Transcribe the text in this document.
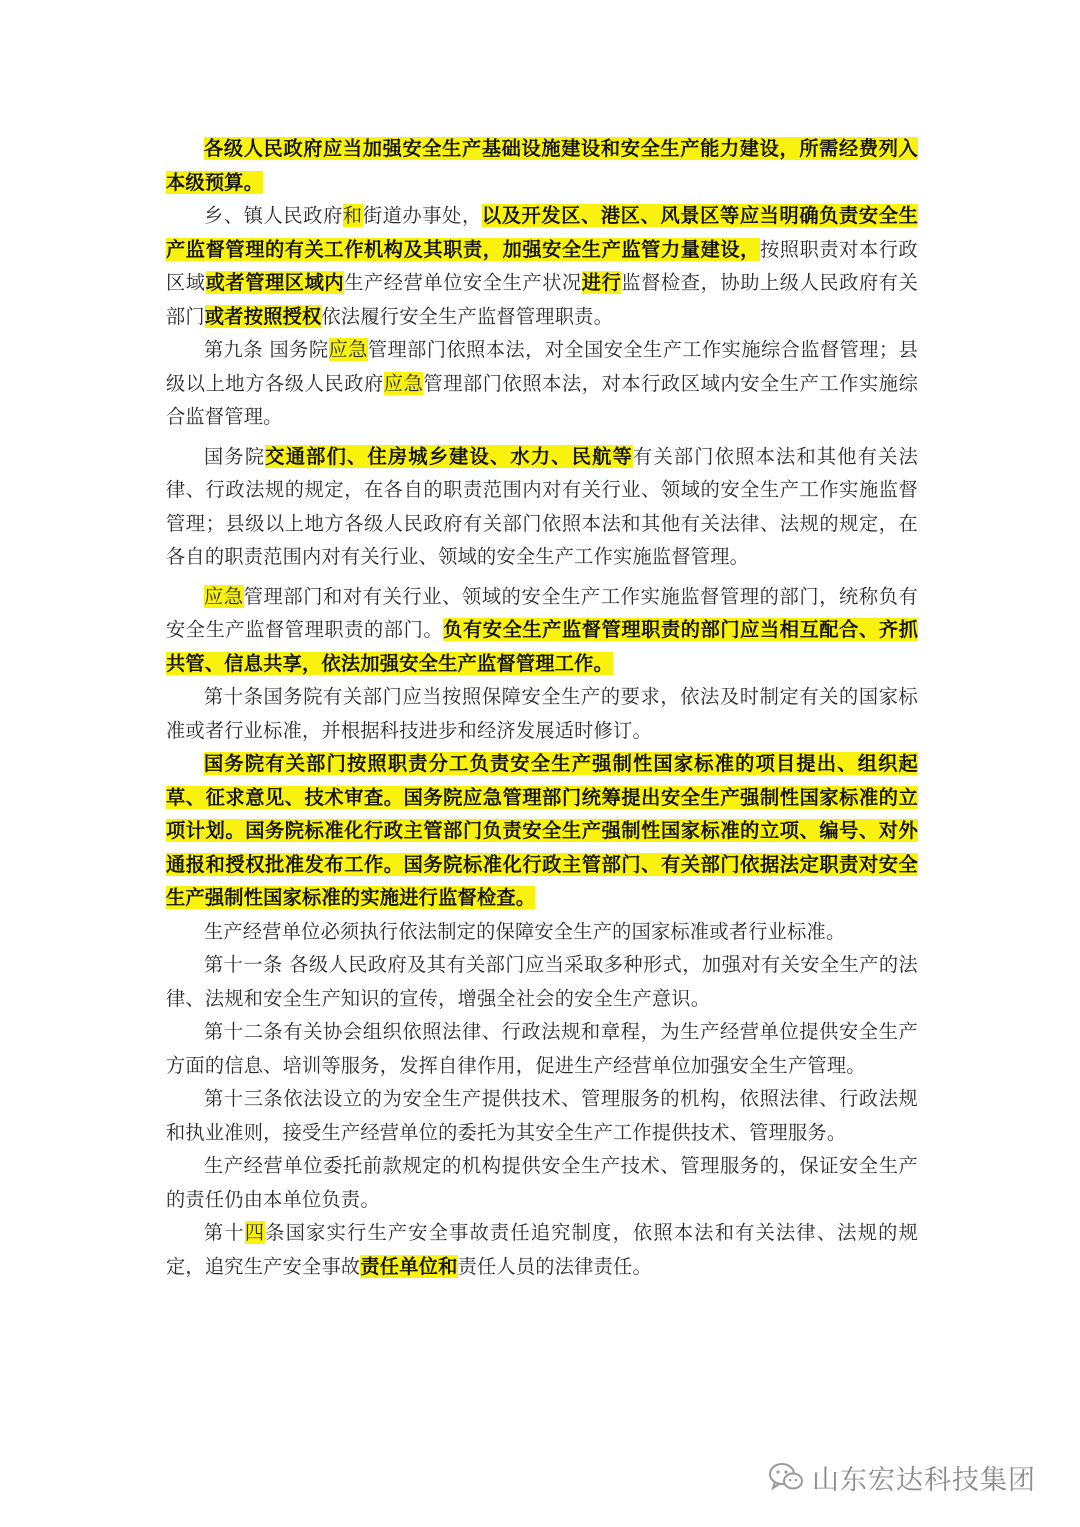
各级人民政府应当加强安全生产基础设施建设和安全生产能力建设，所需经费列入本级预算。

乡、镇人民政府和街道办事处，以及开发区、港区、风景区等应当明确负责安全生产监督管理的有关工作机构及其职责，加强安全生产监管力量建设，按照职责对本行政区域或者管理区域内生产经营单位安全生产状况进行监督检查，协助上级人民政府有关部门或者按照授权依法履行安全生产监督管理职责。

第九条 国务院应急管理部门依照本法，对全国安全生产工作实施综合监督管理；县级以上地方各级人民政府应急管理部门依照本法，对本行政区域内安全生产工作实施综合监督管理。

国务院交通部们、住房城乡建设、水力、民航等有关部门依照本法和其他有关法律、行政法规的规定，在各自的职责范围内对有关行业、领域的安全生产工作实施监督管理；县级以上地方各级人民政府有关部门依照本法和其他有关法律、法规的规定，在各自的职责范围内对有关行业、领域的安全生产工作实施监督管理。

应急管理部门和对有关行业、领域的安全生产工作实施监督管理的部门，统称负有安全生产监督管理职责的部门。负有安全生产监督管理职责的部门应当相互配合、齐抓共管、信息共享，依法加强安全生产监督管理工作。

第十条国务院有关部门应当按照保障安全生产的要求，依法及时制定有关的国家标准或者行业标准，并根据科技进步和经济发展适时修订。

国务院有关部门按照职责分工负责安全生产强制性国家标准的项目提出、组织起草、征求意见、技术审查。国务院应急管理部门统筹提出安全生产强制性国家标准的立项计划。国务院标准化行政主管部门负责安全生产强制性国家标准的立项、编号、对外通报和授权批准发布工作。国务院标准化行政主管部门、有关部门依据法定职责对安全生产强制性国家标准的实施进行监督检查。

生产经营单位必须执行依法制定的保障安全生产的国家标准或者行业标准。

第十一条 各级人民政府及其有关部门应当采取多种形式，加强对有关安全生产的法律、法规和安全生产知识的宣传，增强全社会的安全生产意识。

第十二条有关协会组织依照法律、行政法规和章程，为生产经营单位提供安全生产方面的信息、培训等服务，发挥自律作用，促进生产经营单位加强安全生产管理。

第十三条依法设立的为安全生产提供技术、管理服务的机构，依照法律、行政法规和执业准则，接受生产经营单位的委托为其安全生产工作提供技术、管理服务。

生产经营单位委托前款规定的机构提供安全生产技术、管理服务的，保证安全生产的责任仍由本单位负责。

第十四条国家实行生产安全事故责任追究制度，依照本法和有关法律、法规的规定，追究生产安全事故责任单位和责任人员的法律责任。

山东宏达科技集团
